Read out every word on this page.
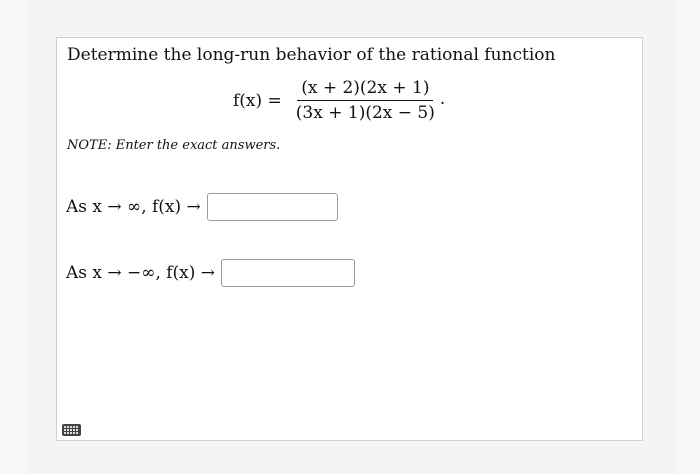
Determine the long-run behavior of the rational function
$f(x) = \frac{(x + 2)(2x + 1)}{(3x + 1)(2x - 5)}$ .
NOTE: Enter the exact answers.
As x → ∞, f(x) →
As x → −∞, f(x) →
